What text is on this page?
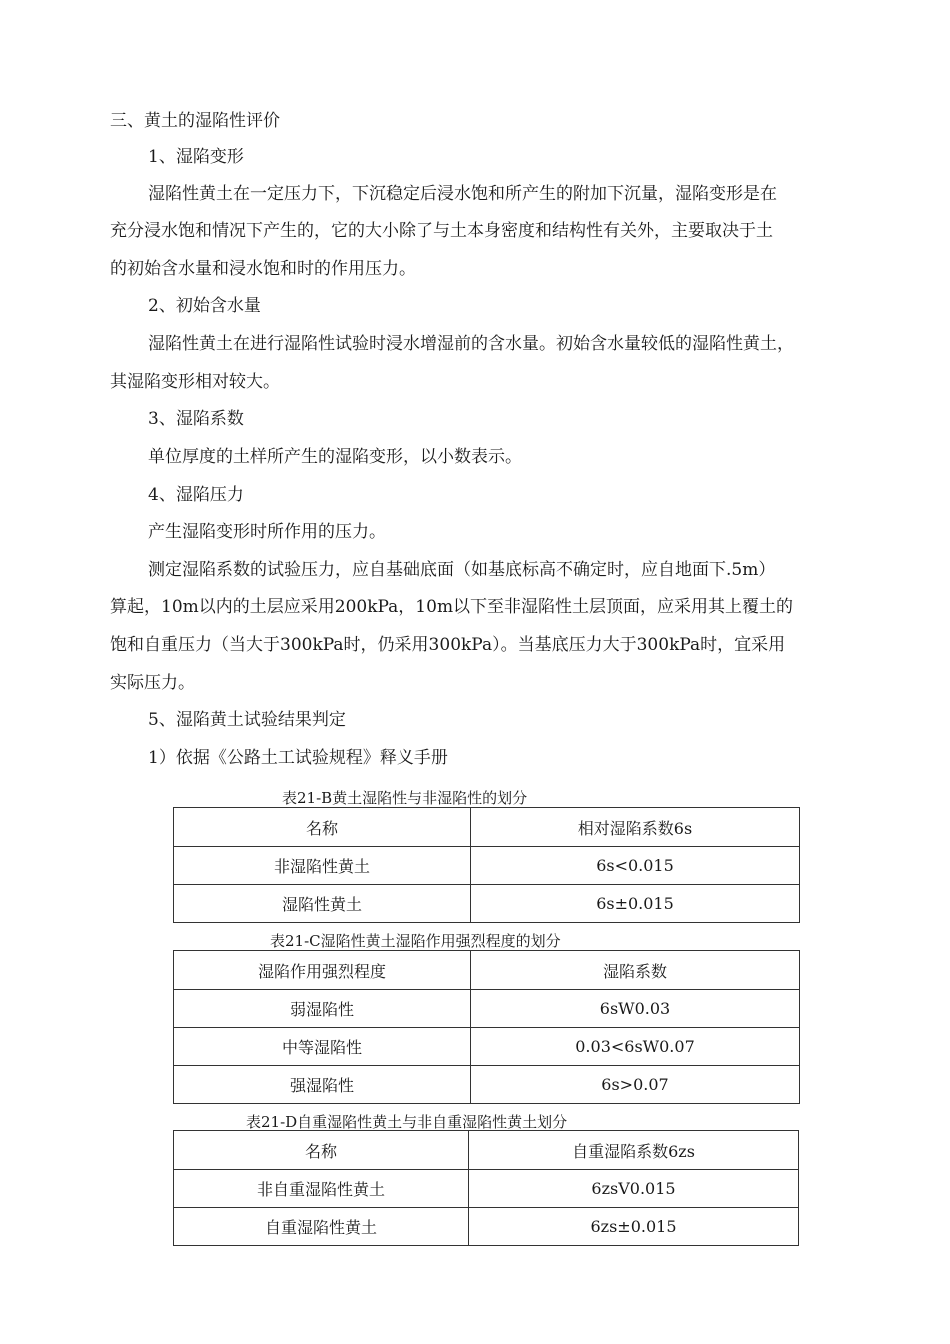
三、黄土的湿陷性评价
1、湿陷变形
湿陷性黄土在一定压力下，下沉稳定后浸水饱和所产生的附加下沉量，湿陷变形是在
充分浸水饱和情况下产生的，它的大小除了与土本身密度和结构性有关外，主要取决于土
的初始含水量和浸水饱和时的作用压力。
2、初始含水量
湿陷性黄土在进行湿陷性试验时浸水增湿前的含水量。初始含水量较低的湿陷性黄土，
其湿陷变形相对较大。
3、湿陷系数
单位厚度的土样所产生的湿陷变形，以小数表示。
4、湿陷压力
产生湿陷变形时所作用的压力。
测定湿陷系数的试验压力，应自基础底面（如基底标高不确定时，应自地面下.5m）
算起，10m以内的土层应采用200kPa，10m以下至非湿陷性土层顶面，应采用其上覆土的
饱和自重压力（当大于300kPa时，仍采用300kPa）。当基底压力大于300kPa时，宜采用
实际压力。
5、湿陷黄土试验结果判定
1）依据《公路土工试验规程》释义手册
表21-B黄土湿陷性与非湿陷性的划分
名称	相对湿陷系数6s
非湿陷性黄土	6s<0.015
湿陷性黄土	6s±0.015
表21-C湿陷性黄土湿陷作用强烈程度的划分
湿陷作用强烈程度	湿陷系数
弱湿陷性	6sW0.03
中等湿陷性	0.03<6sW0.07
强湿陷性	6s>0.07
表21-D自重湿陷性黄土与非自重湿陷性黄土划分
名称	自重湿陷系数6zs
非自重湿陷性黄土	6zsV0.015
自重湿陷性黄土	6zs±0.015
